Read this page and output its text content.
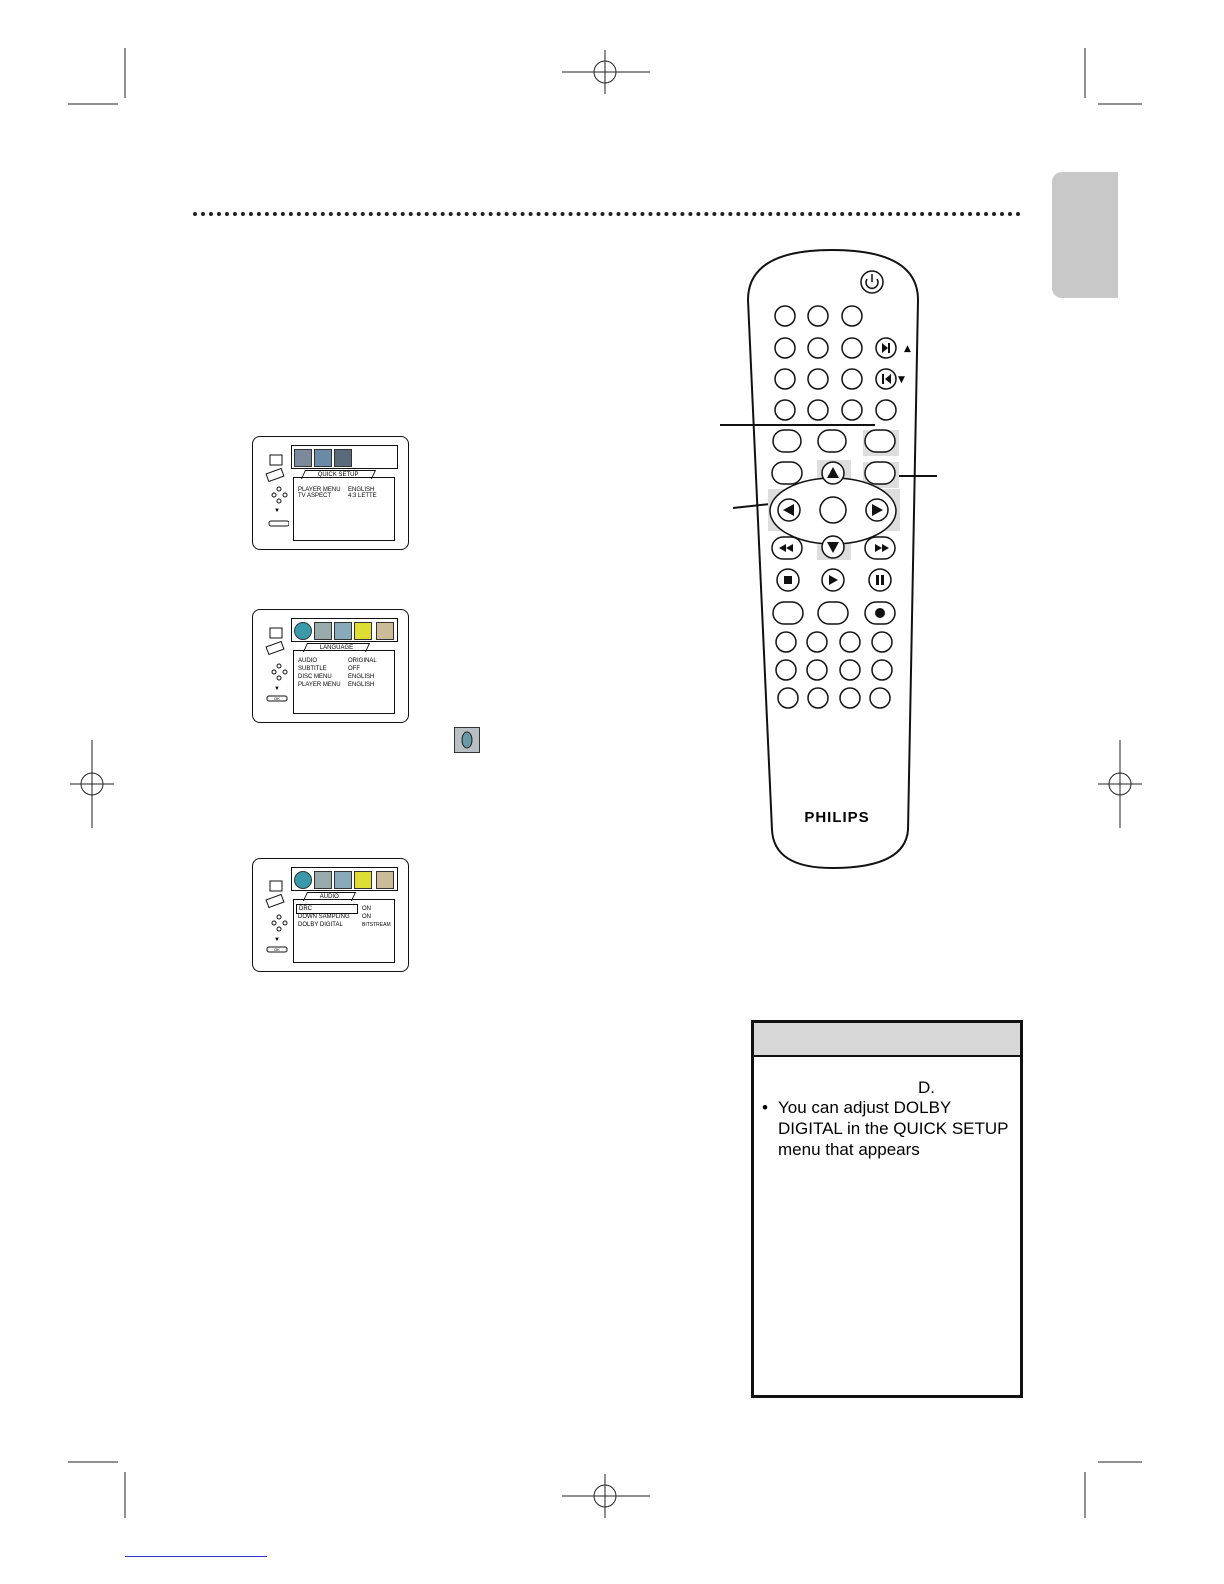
▼
QUICK SETUP
PLAYER MENU ENGLISH
TV ASPECT	4:3 LETTE
▼
OK
LANGUAGE
AUDIO	ORIGINAL
SUBTITLE	OFF
DISC MENU	ENGLISH
PLAYER MENU ENGLISH
▼
OK
AUDIO
DRC	ON
DOWN SAMPLING ON
DOLBY DIGITAL	BITSTREAM
▲
▼
PHILIPS
D.
• You can adjust DOLBY DIGITAL in the QUICK SETUP menu that appears
